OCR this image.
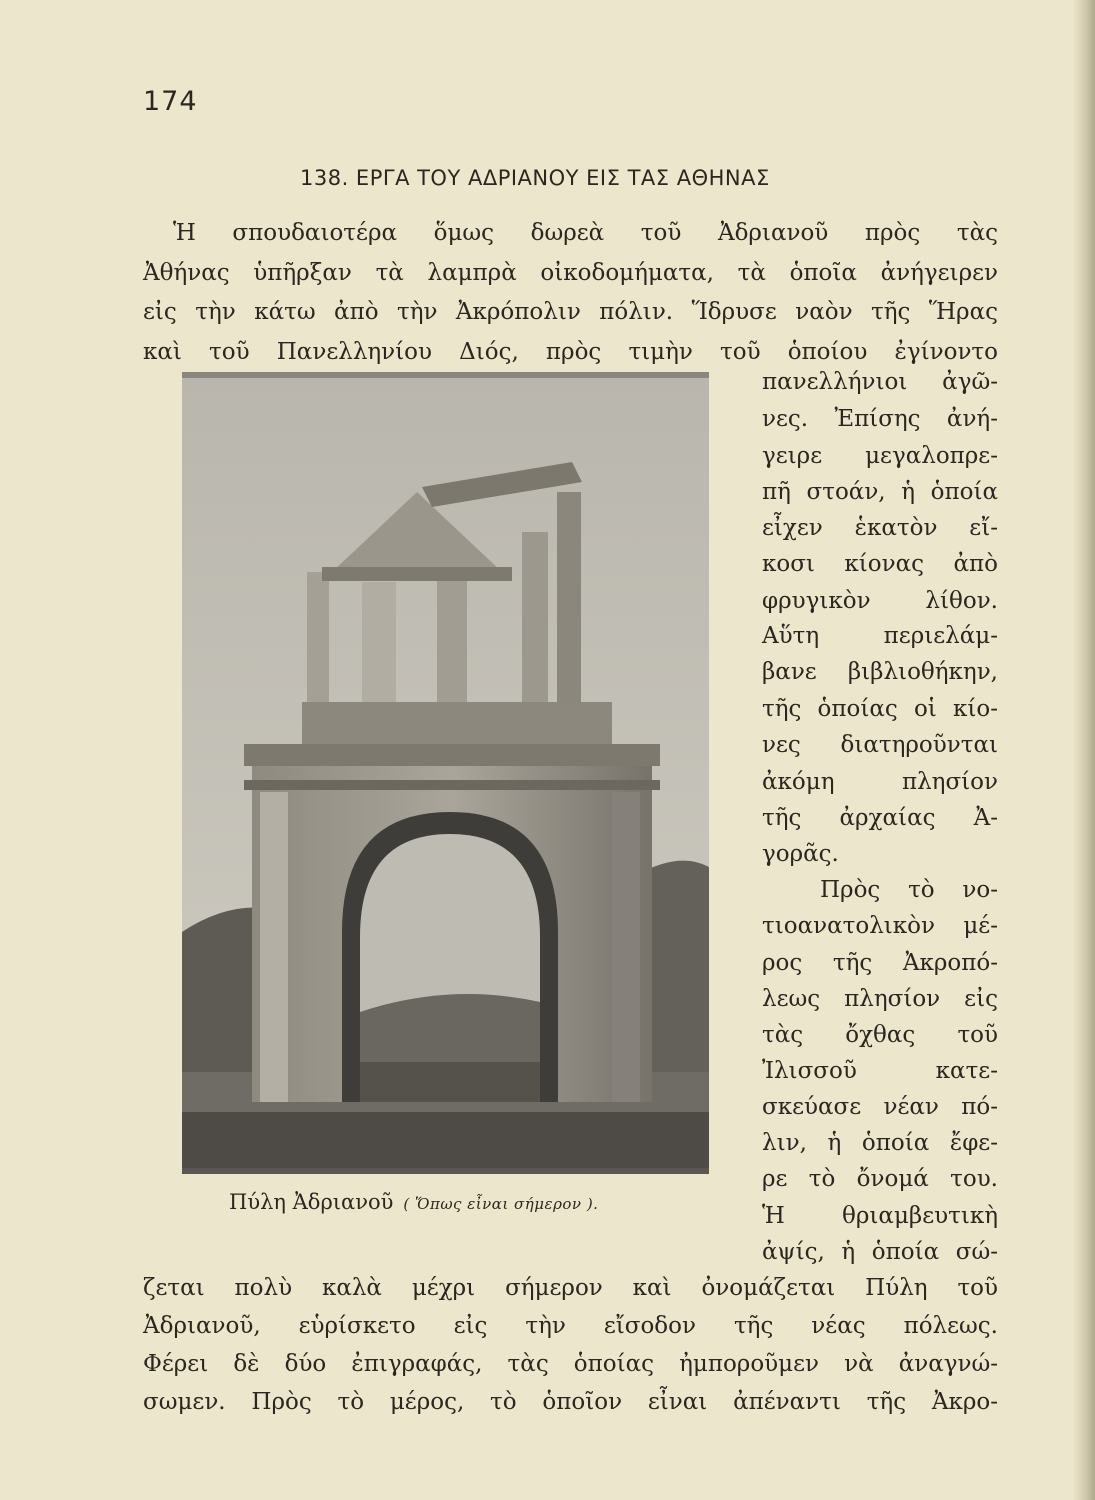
174
138. ΕΡΓΑ ΤΟΥ ΑΔΡΙΑΝΟΥ ΕΙΣ ΤΑΣ ΑΘΗΝΑΣ
Ἡ σπουδαιοτέρα ὅμως δωρεὰ τοῦ Ἀδριανοῦ πρὸς τὰς
Ἀθήνας ὑπῆρξαν τὰ λαμπρὰ οἰκοδομήματα, τὰ ὁποῖα ἀνήγειρεν
εἰς τὴν κάτω ἀπὸ τὴν Ἀκρόπολιν πόλιν. Ἵδρυσε ναὸν τῆς Ἥρας
καὶ τοῦ Πανελληνίου Διός, πρὸς τιμὴν τοῦ ὁποίου ἐγίνοντο
πανελλήνιοι ἀγῶ-
νες. Ἐπίσης ἀνή-
γειρε μεγαλοπρε-
πῆ στοάν, ἡ ὁποία
εἶχεν ἑκατὸν εἴ-
κοσι κίονας ἀπὸ
φρυγικὸν λίθον.
Αὕτη περιελάμ-
βανε βιβλιοθήκην,
τῆς ὁποίας οἱ κίο-
νες διατηροῦνται
ἀκόμη πλησίον
τῆς ἀρχαίας Ἀ-
γορᾶς.
Πρὸς τὸ νο-
τιοανατολικὸν μέ-
ρος τῆς Ἀκροπό-
λεως πλησίον εἰς
τὰς ὄχθας τοῦ
Ἰλισσοῦ κατε-
σκεύασε νέαν πό-
λιν, ἡ ὁποία ἔφε-
ρε τὸ ὄνομά του.
Ἡ θριαμβευτικὴ
ἀψίς, ἡ ὁποία σώ-
Πύλη Ἀδριανοῦ ( Ὅπως εἶναι σήμερον ).
ζεται πολὺ καλὰ μέχρι σήμερον καὶ ὀνομάζεται Πύλη τοῦ
Ἀδριανοῦ, εὑρίσκετο εἰς τὴν εἴσοδον τῆς νέας πόλεως.
Φέρει δὲ δύο ἐπιγραφάς, τὰς ὁποίας ἠμποροῦμεν νὰ ἀναγνώ-
σωμεν. Πρὸς τὸ μέρος, τὸ ὁποῖον εἶναι ἀπέναντι τῆς Ἀκρο-
